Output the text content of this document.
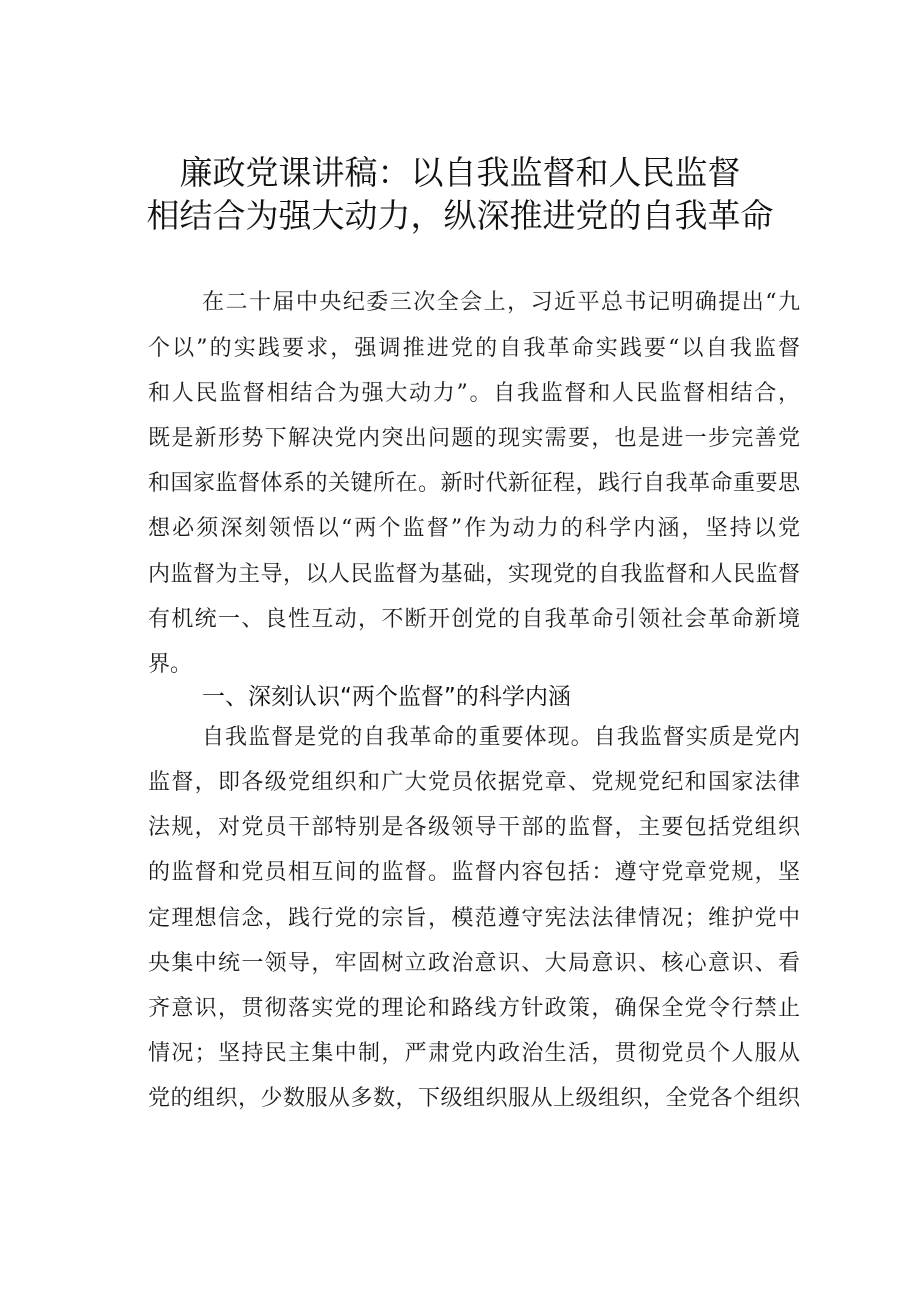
廉政党课讲稿：以自我监督和人民监督
相结合为强大动力，纵深推进党的自我革命
在二十届中央纪委三次全会上，习近平总书记明确提出“九
个以”的实践要求，强调推进党的自我革命实践要“以自我监督
和人民监督相结合为强大动力”。自我监督和人民监督相结合，
既是新形势下解决党内突出问题的现实需要，也是进一步完善党
和国家监督体系的关键所在。新时代新征程，践行自我革命重要思
想必须深刻领悟以“两个监督”作为动力的科学内涵，坚持以党
内监督为主导，以人民监督为基础，实现党的自我监督和人民监督
有机统一、良性互动，不断开创党的自我革命引领社会革命新境
界。
一、深刻认识“两个监督”的科学内涵
自我监督是党的自我革命的重要体现。自我监督实质是党内
监督，即各级党组织和广大党员依据党章、党规党纪和国家法律
法规，对党员干部特别是各级领导干部的监督，主要包括党组织
的监督和党员相互间的监督。监督内容包括：遵守党章党规，坚
定理想信念，践行党的宗旨，模范遵守宪法法律情况；维护党中
央集中统一领导，牢固树立政治意识、大局意识、核心意识、看
齐意识，贯彻落实党的理论和路线方针政策，确保全党令行禁止
情况；坚持民主集中制，严肃党内政治生活，贯彻党员个人服从
党的组织，少数服从多数，下级组织服从上级组织，全党各个组织
